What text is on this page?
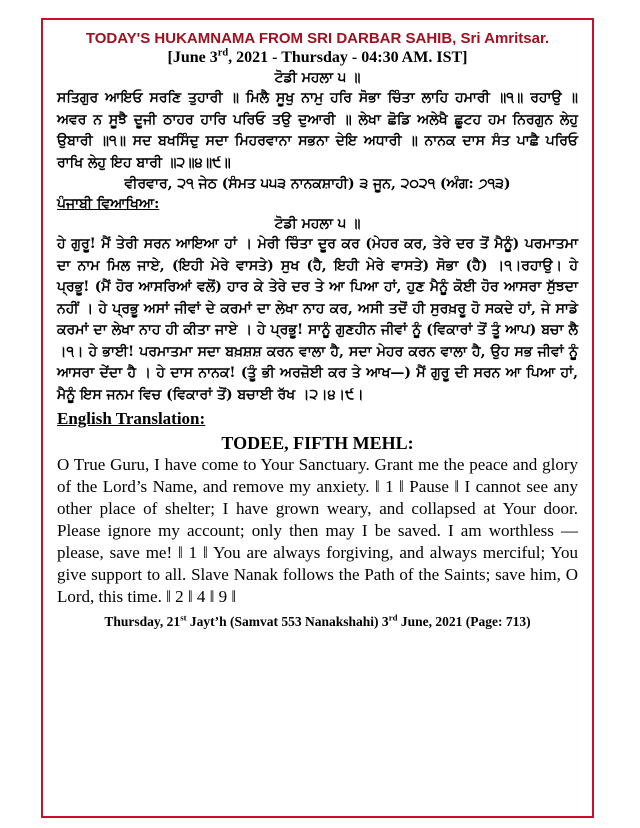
TODAY'S HUKAMNAMA FROM SRI DARBAR SAHIB, Sri Amritsar.

[June 3rd, 2021 - Thursday - 04:30 AM. IST]

ਟੋਡੀ ਮਹਲਾ ੫ ॥

ਸਤਿਗੁਰ ਆਇਓ ਸਰਣਿ ਤੁਹਾਰੀ ॥ ਮਿਲੈ ਸੂਖੁ ਨਾਮੁ ਹਰਿ ਸੋਭਾ ਚਿੰਤਾ ਲਾਹਿ ਹਮਾਰੀ ॥੧॥ ਰਹਾਉ ॥ ਅਵਰ ਨ ਸੂਝੈ ਦੂਜੀ ਠਾਹਰ ਹਾਰਿ ਪਰਿਓ ਤਉ ਦੁਆਰੀ ॥ ਲੇਖਾ ਛੋਡਿ ਅਲੇਖੈ ਛੂਟਹ ਹਮ ਨਿਰਗੁਨ ਲੇਹੁ ਉਬਾਰੀ ॥੧॥ ਸਦ ਬਖਸਿੰਦੁ ਸਦਾ ਮਿਹਰਵਾਨਾ ਸਭਨਾ ਦੇਇ ਅਧਾਰੀ ॥ ਨਾਨਕ ਦਾਸ ਸੰਤ ਪਾਛੈ ਪਰਿਓ ਰਾਖਿ ਲੇਹੁ ਇਹ ਬਾਰੀ ॥੨॥੪॥੯॥

ਵੀਰਵਾਰ, ੨੧ ਜੇਠ (ਸੰਮਤ ੫੫੩ ਨਾਨਕਸ਼ਾਹੀ) ੩ ਜੂਨ, ੨੦੨੧ (ਅੰਗ: ੭੧੩)

ਪੰਜਾਬੀ ਵਿਆਖਿਆ:

ਟੋਡੀ ਮਹਲਾ ੫ ॥

ਹੇ ਗੁਰੂ! ਮੈਂ ਤੇਰੀ ਸਰਨ ਆਇਆ ਹਾਂ । ਮੇਰੀ ਚਿੰਤਾ ਦੂਰ ਕਰ (ਮੇਹਰ ਕਰ, ਤੇਰੇ ਦਰ ਤੋਂ ਮੈਨੂੰ) ਪਰਮਾਤਮਾ ਦਾ ਨਾਮ ਮਿਲ ਜਾਏ, (ਇਹੀ ਮੇਰੇ ਵਾਸਤੇ) ਸੁਖ (ਹੈ, ਇਹੀ ਮੇਰੇ ਵਾਸਤੇ) ਸੋਭਾ (ਹੈ) ।੧।ਰਹਾਉ। ਹੇ ਪ੍ਰਭੂ! (ਮੈਂ ਹੋਰ ਆਸਰਿਆਂ ਵਲੋਂ) ਹਾਰ ਕੇ ਤੇਰੇ ਦਰ ਤੇ ਆ ਪਿਆ ਹਾਂ, ਹੁਣ ਮੈਨੂੰ ਕੋਈ ਹੋਰ ਆਸਰਾ ਸੁੱਝਦਾ ਨਹੀਂ । ਹੇ ਪ੍ਰਭੂ ਅਸਾਂ ਜੀਵਾਂ ਦੇ ਕਰਮਾਂ ਦਾ ਲੇਖਾ ਨਾਹ ਕਰ, ਅਸੀ ਤਦੋਂ ਹੀ ਸੁਰਖ਼ਰੂ ਹੋ ਸਕਦੇ ਹਾਂ, ਜੇ ਸਾਡੇ ਕਰਮਾਂ ਦਾ ਲੇਖਾ ਨਾਹ ਹੀ ਕੀਤਾ ਜਾਏ । ਹੇ ਪ੍ਰਭੂ! ਸਾਨੂੰ ਗੁਣਹੀਨ ਜੀਵਾਂ ਨੂੰ (ਵਿਕਾਰਾਂ ਤੋਂ ਤੂੰ ਆਪ) ਬਚਾ ਲੈ ।੧। ਹੇ ਭਾਈ! ਪਰਮਾਤਮਾ ਸਦਾ ਬਖ਼ਸ਼ਸ਼ ਕਰਨ ਵਾਲਾ ਹੈ, ਸਦਾ ਮੇਹਰ ਕਰਨ ਵਾਲਾ ਹੈ, ਉਹ ਸਭ ਜੀਵਾਂ ਨੂੰ ਆਸਰਾ ਦੇਂਦਾ ਹੈ । ਹੇ ਦਾਸ ਨਾਨਕ! (ਤੂੰ ਭੀ ਅਰਜ਼ੋਈ ਕਰ ਤੇ ਆਖ—) ਮੈਂ ਗੁਰੂ ਦੀ ਸਰਨ ਆ ਪਿਆ ਹਾਂ, ਮੈਨੂੰ ਇਸ ਜਨਮ ਵਿਚ (ਵਿਕਾਰਾਂ ਤੋਂ) ਬਚਾਈ ਰੱਖ ।੨।੪।੯।

English Translation:

TODEE, FIFTH MEHL:

O True Guru, I have come to Your Sanctuary. Grant me the peace and glory of the Lord’s Name, and remove my anxiety. ‖ 1 ‖ Pause ‖ I cannot see any other place of shelter; I have grown weary, and collapsed at Your door. Please ignore my account; only then may I be saved. I am worthless — please, save me! ‖ 1 ‖ You are always forgiving, and always merciful; You give support to all. Slave Nanak follows the Path of the Saints; save him, O Lord, this time. ‖ 2 ‖ 4 ‖ 9 ‖

Thursday, 21st Jayt’h (Samvat 553 Nanakshahi) 3rd June, 2021 (Page: 713)
